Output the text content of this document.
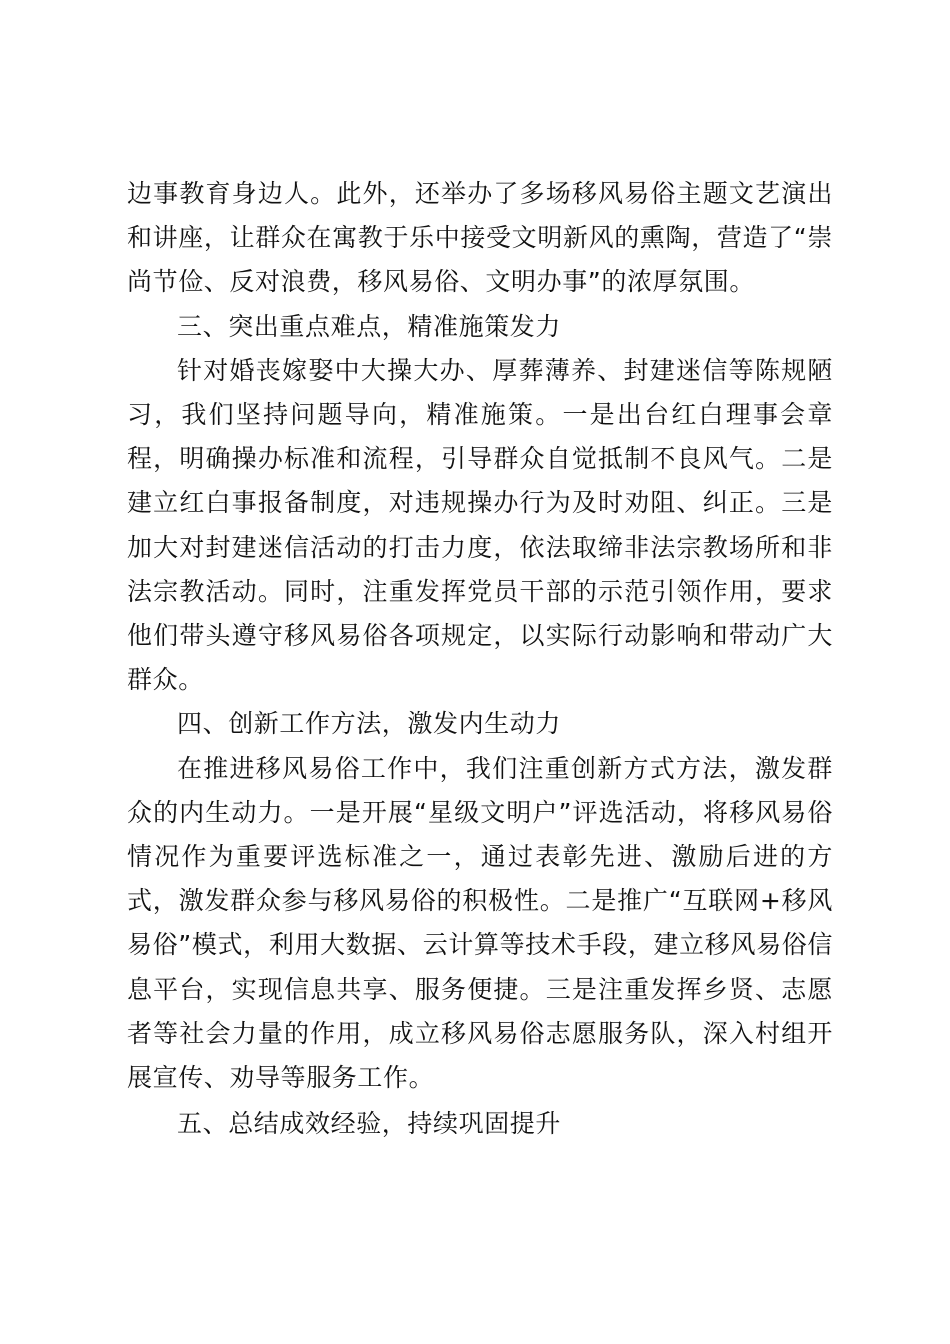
边事教育身边人。此外，还举办了多场移风易俗主题文艺演出和讲座，让群众在寓教于乐中接受文明新风的熏陶，营造了“崇尚节俭、反对浪费，移风易俗、文明办事”的浓厚氛围。

三、突出重点难点，精准施策发力

针对婚丧嫁娶中大操大办、厚葬薄养、封建迷信等陈规陋习，我们坚持问题导向，精准施策。一是出台红白理事会章程，明确操办标准和流程，引导群众自觉抵制不良风气。二是建立红白事报备制度，对违规操办行为及时劝阻、纠正。三是加大对封建迷信活动的打击力度，依法取缔非法宗教场所和非法宗教活动。同时，注重发挥党员干部的示范引领作用，要求他们带头遵守移风易俗各项规定，以实际行动影响和带动广大群众。

四、创新工作方法，激发内生动力

在推进移风易俗工作中，我们注重创新方式方法，激发群众的内生动力。一是开展“星级文明户”评选活动，将移风易俗情况作为重要评选标准之一，通过表彰先进、激励后进的方式，激发群众参与移风易俗的积极性。二是推广“互联网+移风易俗”模式，利用大数据、云计算等技术手段，建立移风易俗信息平台，实现信息共享、服务便捷。三是注重发挥乡贤、志愿者等社会力量的作用，成立移风易俗志愿服务队，深入村组开展宣传、劝导等服务工作。

五、总结成效经验，持续巩固提升
